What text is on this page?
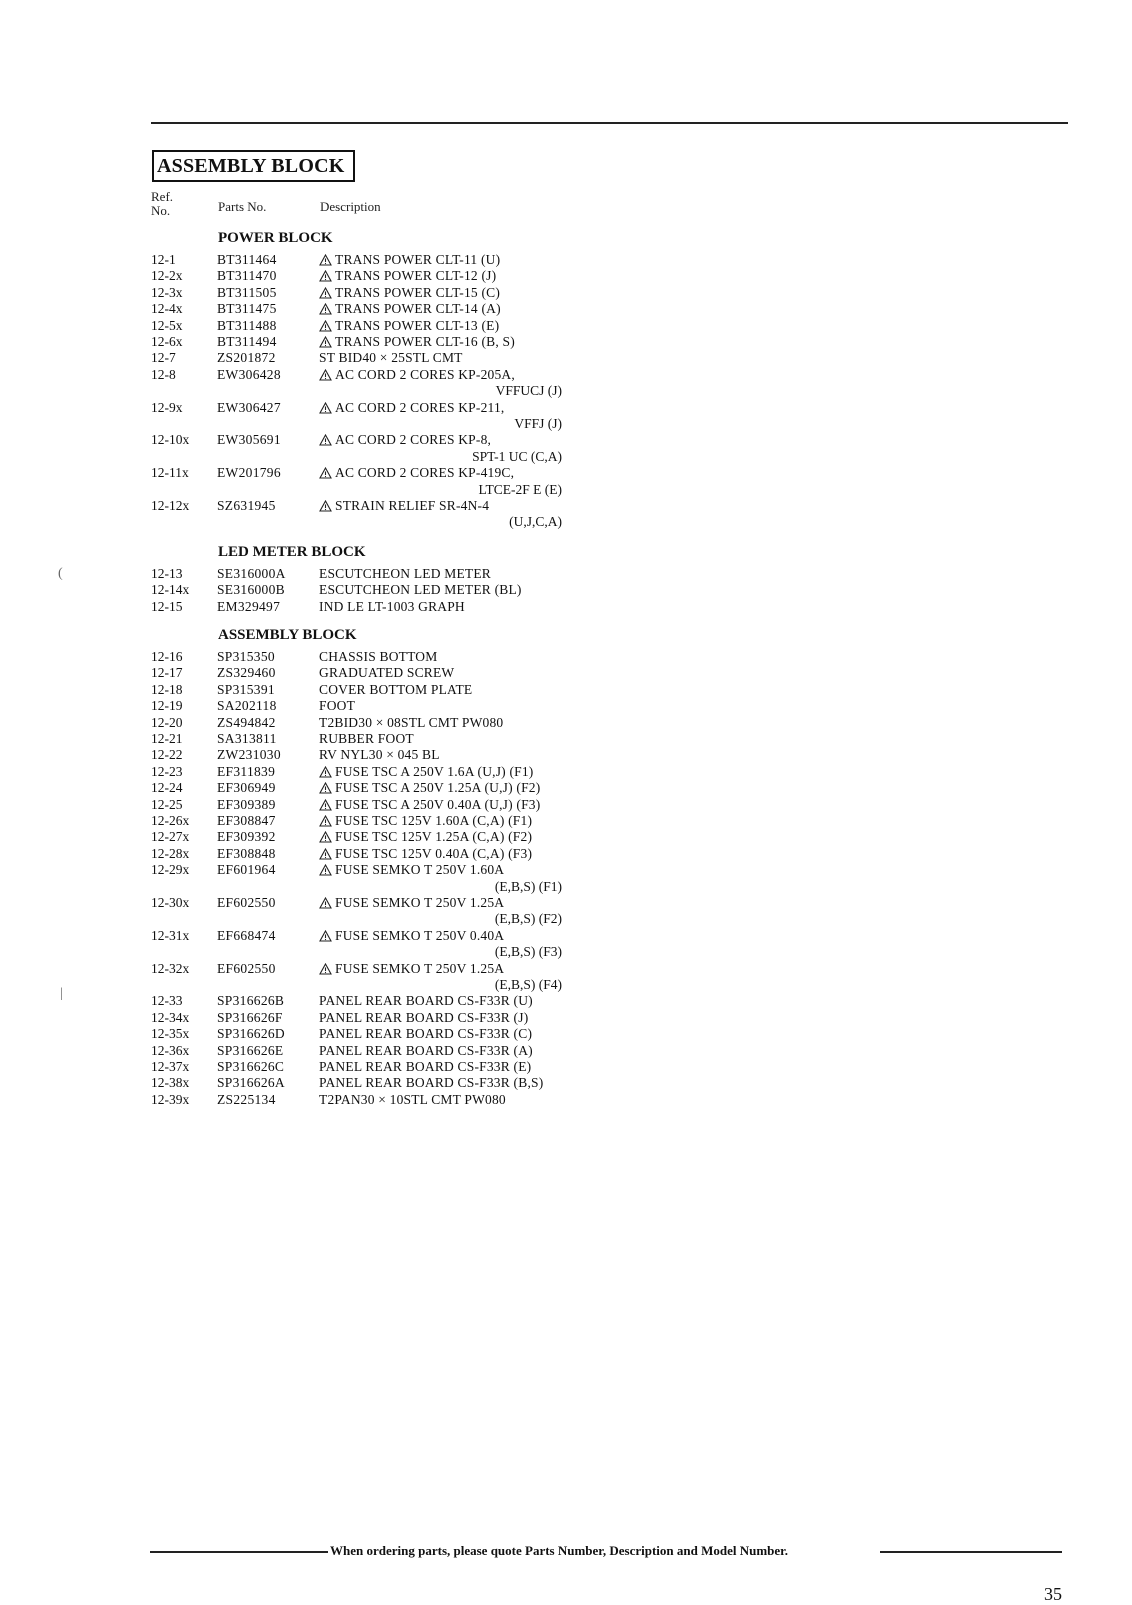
ASSEMBLY BLOCK
Ref.
No.	Parts No.	Description
POWER BLOCK
12-1	BT311464	TRANS POWER CLT-11 (U)
12-2x	BT311470	TRANS POWER CLT-12 (J)
12-3x	BT311505	TRANS POWER CLT-15 (C)
12-4x	BT311475	TRANS POWER CLT-14 (A)
12-5x	BT311488	TRANS POWER CLT-13 (E)
12-6x	BT311494	TRANS POWER CLT-16 (B, S)
12-7	ZS201872	ST BID40 × 25STL CMT
12-8	EW306428	AC CORD 2 CORES KP-205A,
VFFUCJ (J)
12-9x	EW306427	AC CORD 2 CORES KP-211,
VFFJ (J)
12-10x EW305691	AC CORD 2 CORES KP-8,
SPT-1 UC (C,A)
12-11x EW201796	AC CORD 2 CORES KP-419C,
LTCE-2F E (E)
12-12x SZ631945	STRAIN RELIEF SR-4N-4
(U,J,C,A)
LED METER BLOCK
12-13	SE316000A ESCUTCHEON LED METER
12-14x SE316000B	ESCUTCHEON LED METER (BL)
12-15	EM329497	IND LE LT-1003 GRAPH
ASSEMBLY BLOCK
12-16	SP315350	CHASSIS BOTTOM
12-17	ZS329460	GRADUATED SCREW
12-18	SP315391	COVER BOTTOM PLATE
12-19	SA202118	FOOT
12-20	ZS494842	T2BID30 × 08STL CMT PW080
12-21	SA313811	RUBBER FOOT
12-22	ZW231030	RV NYL30 × 045 BL
12-23	EF311839	FUSE TSC A 250V 1.6A (U,J) (F1)
12-24	EF306949	FUSE TSC A 250V 1.25A (U,J) (F2)
12-25	EF309389	FUSE TSC A 250V 0.40A (U,J) (F3)
12-26x EF308847	FUSE TSC 125V 1.60A (C,A) (F1)
12-27x EF309392	FUSE TSC 125V 1.25A (C,A) (F2)
12-28x EF308848	FUSE TSC 125V 0.40A (C,A) (F3)
12-29x EF601964	FUSE SEMKO T 250V 1.60A
(E,B,S) (F1)
12-30x EF602550	FUSE SEMKO T 250V 1.25A
(E,B,S) (F2)
12-31x EF668474	FUSE SEMKO T 250V 0.40A
(E,B,S) (F3)
12-32x EF602550	FUSE SEMKO T 250V 1.25A
(E,B,S) (F4)
12-33	SP316626B	PANEL REAR BOARD CS-F33R (U)
12-34x SP316626F	PANEL REAR BOARD CS-F33R (J)
12-35x SP316626D	PANEL REAR BOARD CS-F33R (C)
12-36x SP316626E	PANEL REAR BOARD CS-F33R (A)
12-37x SP316626C	PANEL REAR BOARD CS-F33R (E)
12-38x SP316626A	PANEL REAR BOARD CS-F33R (B,S)
12-39x ZS225134	T2PAN30 × 10STL CMT PW080
When ordering parts, please quote Parts Number, Description and Model Number.
35
(
|
